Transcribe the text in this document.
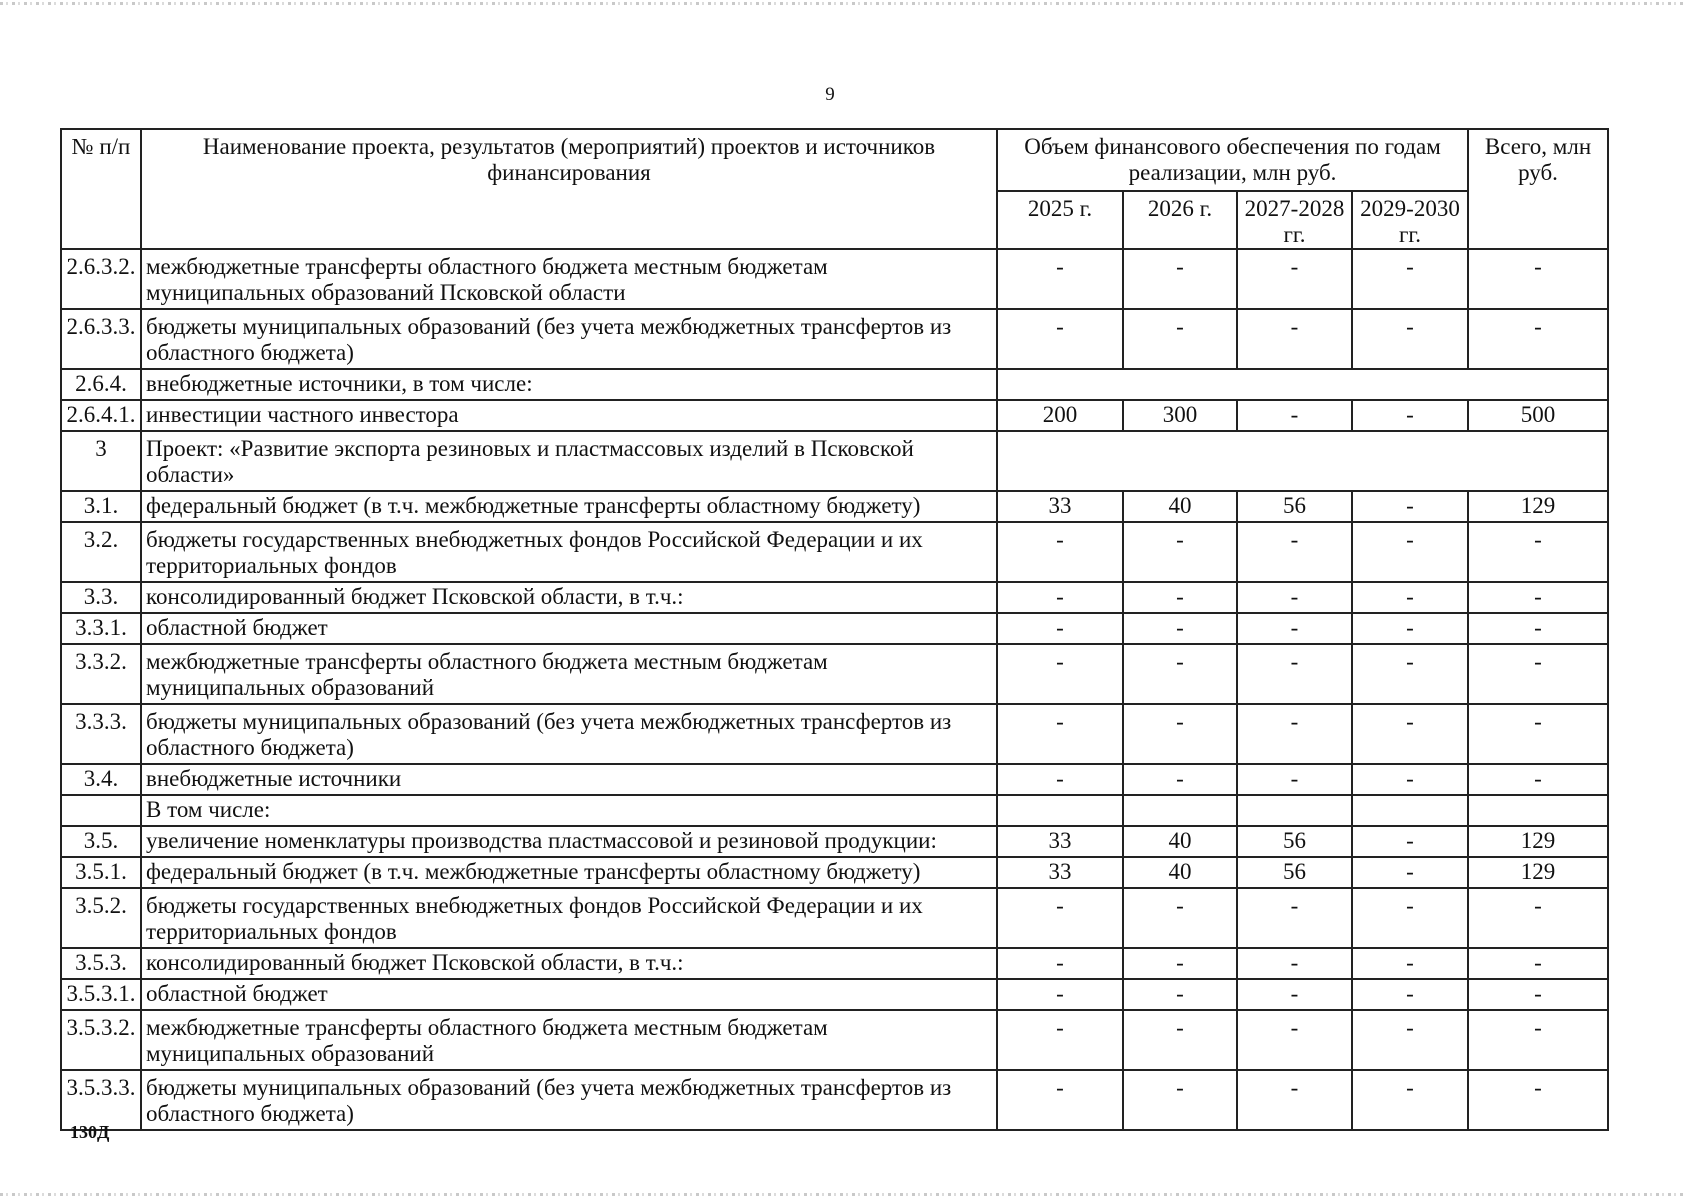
9
№ п/п	Наименование проекта, результатов (мероприятий) проектов и источников финансирования	Объем финансового обеспечения по годам реализации, млн руб.				Всего, млн руб.
		2025 г.	2026 г.	2027-2028 гг.	2029-2030 гг.	
2.6.3.2.	межбюджетные трансферты областного бюджета местным бюджетам муниципальных образований Псковской области	-	-	-	-	-
2.6.3.3.	бюджеты муниципальных образований (без учета межбюджетных трансфертов из областного бюджета)	-	-	-	-	-
2.6.4.	внебюджетные источники, в том числе:					
2.6.4.1.	инвестиции частного инвестора	200	300	-	-	500
3	Проект: «Развитие экспорта резиновых и пластмассовых изделий в Псковской области»					
3.1.	федеральный бюджет (в т.ч. межбюджетные трансферты областному бюджету)	33	40	56	-	129
3.2.	бюджеты государственных внебюджетных фондов Российской Федерации и их территориальных фондов	-	-	-	-	-
3.3.	консолидированный бюджет Псковской области, в т.ч.:	-	-	-	-	-
3.3.1.	областной бюджет	-	-	-	-	-
3.3.2.	межбюджетные трансферты областного бюджета местным бюджетам муниципальных образований	-	-	-	-	-
3.3.3.	бюджеты муниципальных образований (без учета межбюджетных трансфертов из областного бюджета)	-	-	-	-	-
3.4.	внебюджетные источники	-	-	-	-	-
	В том числе:					
3.5.	увеличение номенклатуры производства пластмассовой и резиновой продукции:	33	40	56	-	129
3.5.1.	федеральный бюджет (в т.ч. межбюджетные трансферты областному бюджету)	33	40	56	-	129
3.5.2.	бюджеты государственных внебюджетных фондов Российской Федерации и их территориальных фондов	-	-	-	-	-
3.5.3.	консолидированный бюджет Псковской области, в т.ч.:	-	-	-	-	-
3.5.3.1.	областной бюджет	-	-	-	-	-
3.5.3.2.	межбюджетные трансферты областного бюджета местным бюджетам муниципальных образований	-	-	-	-	-
3.5.3.3.	бюджеты муниципальных образований (без учета межбюджетных трансфертов из областного бюджета)	-	-	-	-	-
130Д
